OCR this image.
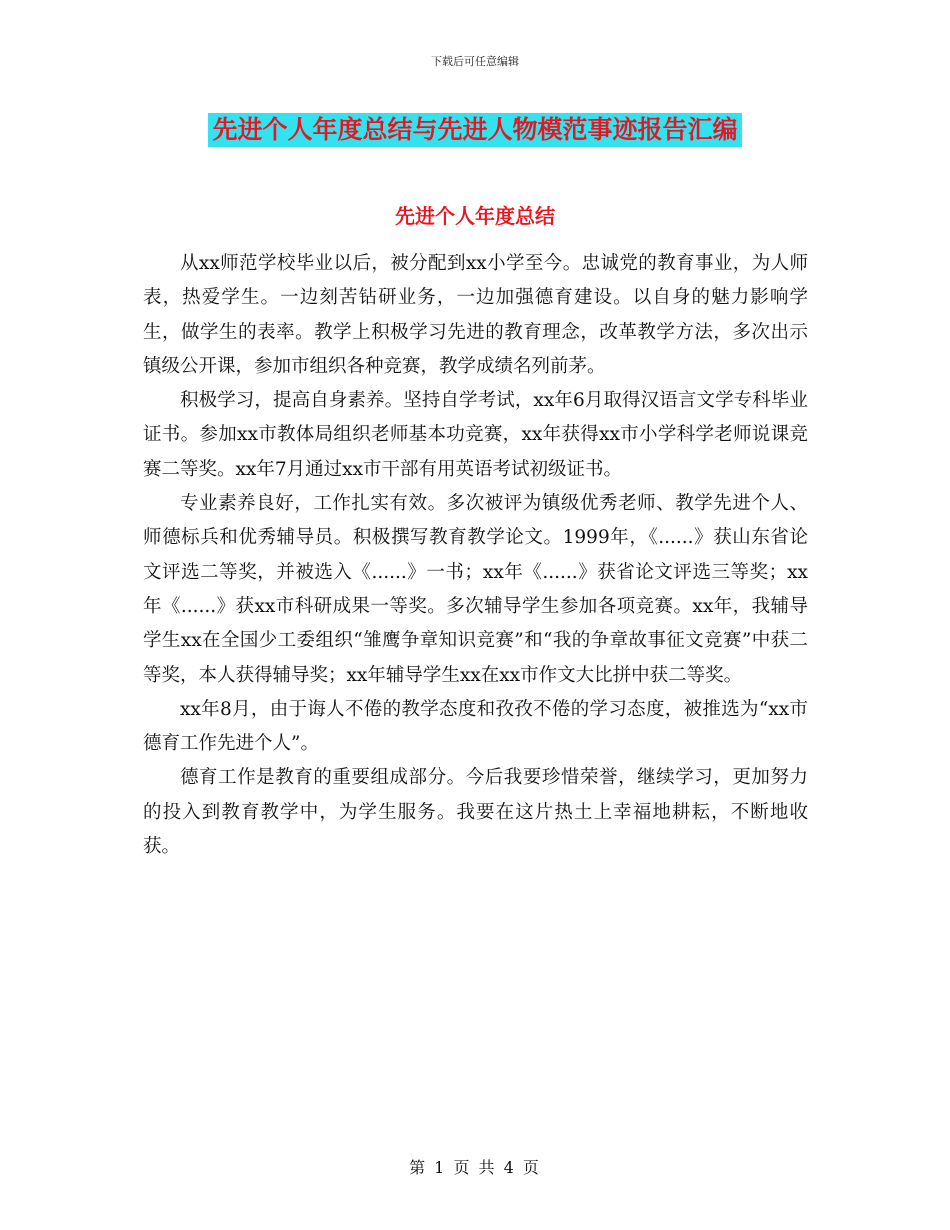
下载后可任意编辑
先进个人年度总结与先进人物模范事迹报告汇编
先进个人年度总结

从xx师范学校毕业以后，被分配到xx小学至今。忠诚党的教育事业，为人师表，热爱学生。一边刻苦钻研业务，一边加强德育建设。以自身的魅力影响学生，做学生的表率。教学上积极学习先进的教育理念，改革教学方法，多次出示镇级公开课，参加市组织各种竞赛，教学成绩名列前茅。

积极学习，提高自身素养。坚持自学考试，xx年6月取得汉语言文学专科毕业证书。参加xx市教体局组织老师基本功竞赛，xx年获得xx市小学科学老师说课竞赛二等奖。xx年7月通过xx市干部有用英语考试初级证书。

专业素养良好，工作扎实有效。多次被评为镇级优秀老师、教学先进个人、师德标兵和优秀辅导员。积极撰写教育教学论文。1999年，《......》获山东省论文评选二等奖，并被选入《......》一书；xx年《......》获省论文评选三等奖；xx年《......》获xx市科研成果一等奖。多次辅导学生参加各项竞赛。xx年，我辅导学生xx在全国少工委组织“雏鹰争章知识竞赛”和“我的争章故事征文竞赛”中获二等奖，本人获得辅导奖；xx年辅导学生xx在xx市作文大比拼中获二等奖。

xx年8月，由于诲人不倦的教学态度和孜孜不倦的学习态度，被推选为“xx市德育工作先进个人”。

德育工作是教育的重要组成部分。今后我要珍惜荣誉，继续学习，更加努力的投入到教育教学中，为学生服务。我要在这片热土上幸福地耕耘，不断地收获。

第 1 页 共 4 页
